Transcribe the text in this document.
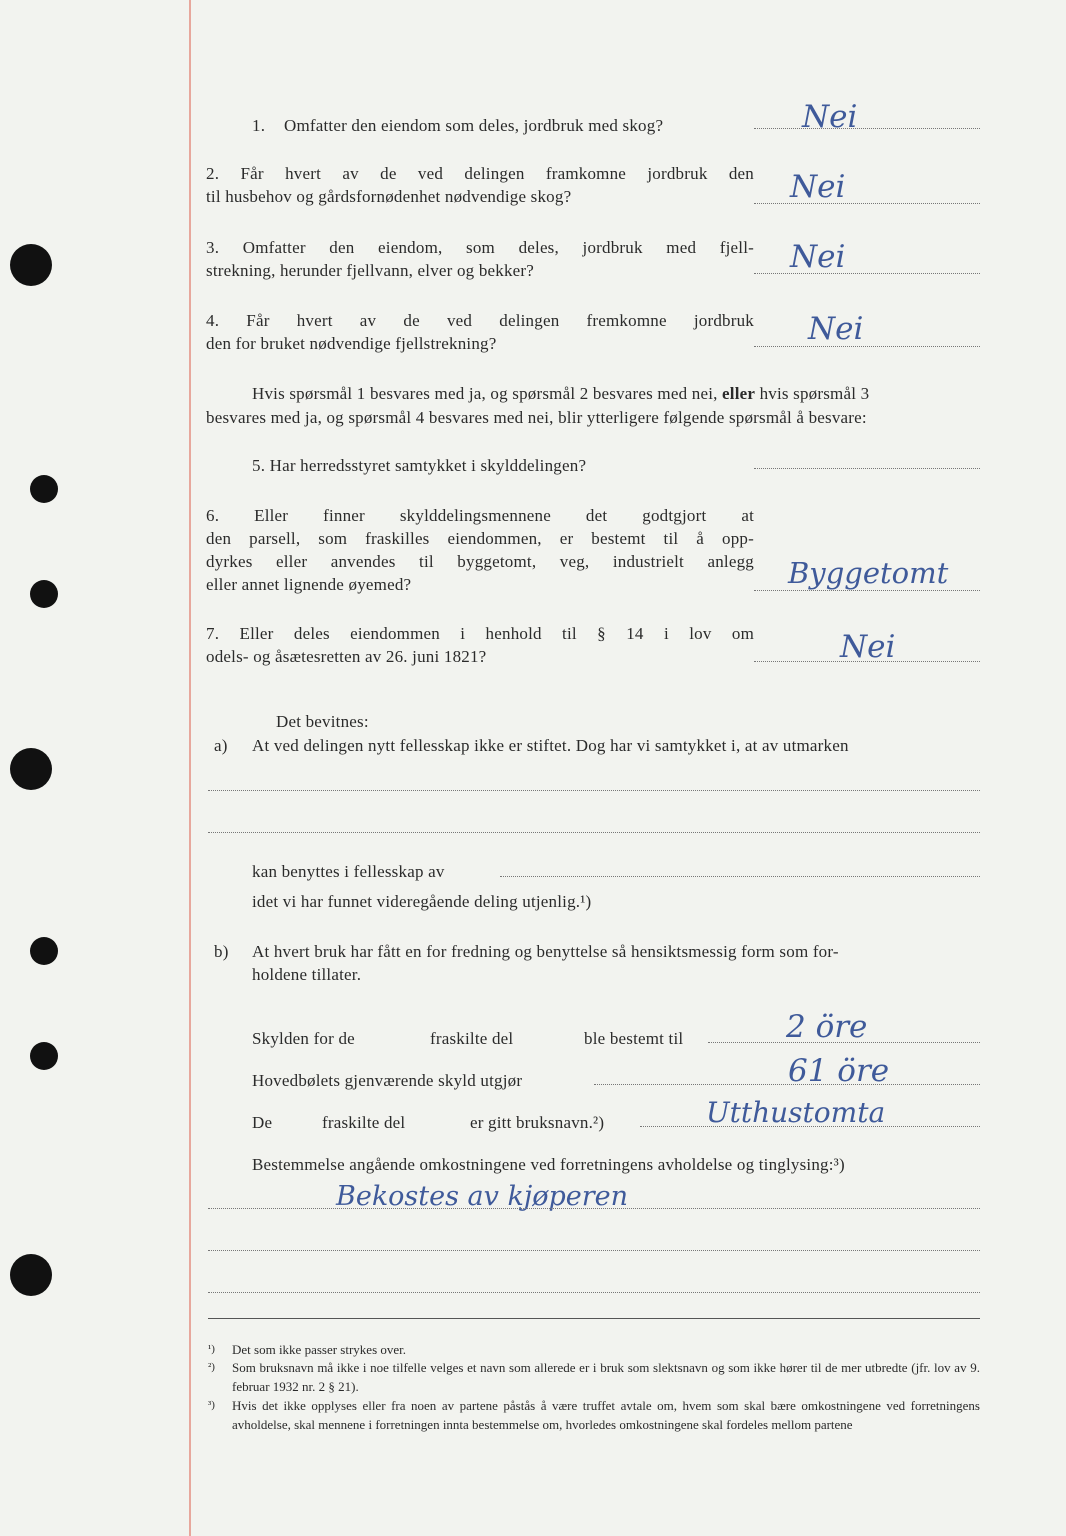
1. Omfatter den eiendom som deles, jordbruk med skog?	Nei
2. Får hvert av de ved delingen framkomne jordbruk den
til husbehov og gårdsfornødenhet nødvendige skog?	Nei
3. Omfatter den eiendom, som deles, jordbruk med fjell-
strekning, herunder fjellvann, elver og bekker?	Nei
4. Får hvert av de ved delingen fremkomne jordbruk
den for bruket nødvendige fjellstrekning?	Nei
Hvis spørsmål 1 besvares med ja, og spørsmål 2 besvares med nei, eller hvis spørsmål 3
besvares med ja, og spørsmål 4 besvares med nei, blir ytterligere følgende spørsmål å besvare:
5. Har herredsstyret samtykket i skylddelingen?
6. Eller finner skylddelingsmennene det godtgjort at
den parsell, som fraskilles eiendommen, er bestemt til å opp-
dyrkes eller anvendes til byggetomt, veg, industrielt anlegg
eller annet lignende øyemed?	Byggetomt
7. Eller deles eiendommen i henhold til § 14 i lov om
odels- og åsætesretten av 26. juni 1821?	Nei
Det bevitnes:
a) At ved delingen nytt fellesskap ikke er stiftet. Dog har vi samtykket i, at av utmarken
kan benyttes i fellesskap av
idet vi har funnet videregående deling utjenlig.¹)
b) At hvert bruk har fått en for fredning og benyttelse så hensiktsmessig form som for-
holdene tillater.
Skylden for de	fraskilte del	ble bestemt til	2 öre
Hovedbølets gjenværende skyld utgjør	61 öre
De	fraskilte del	er gitt bruksnavn.²)	Utthustomta
Bestemmelse angående omkostningene ved forretningens avholdelse og tinglysing:³)
Bekostes av kjøperen
¹) Det som ikke passer strykes over.
²) Som bruksnavn må ikke i noe tilfelle velges et navn som allerede er i bruk som slektsnavn og som ikke hører til de mer utbredte (jfr. lov av 9. februar 1932 nr. 2 § 21).
³) Hvis det ikke opplyses eller fra noen av partene påstås å være truffet avtale om, hvem som skal bære omkostningene ved forretningens avholdelse, skal mennene i forretningen inntа bestemmelse om, hvorledes omkostningene skal fordeles mellom partene
